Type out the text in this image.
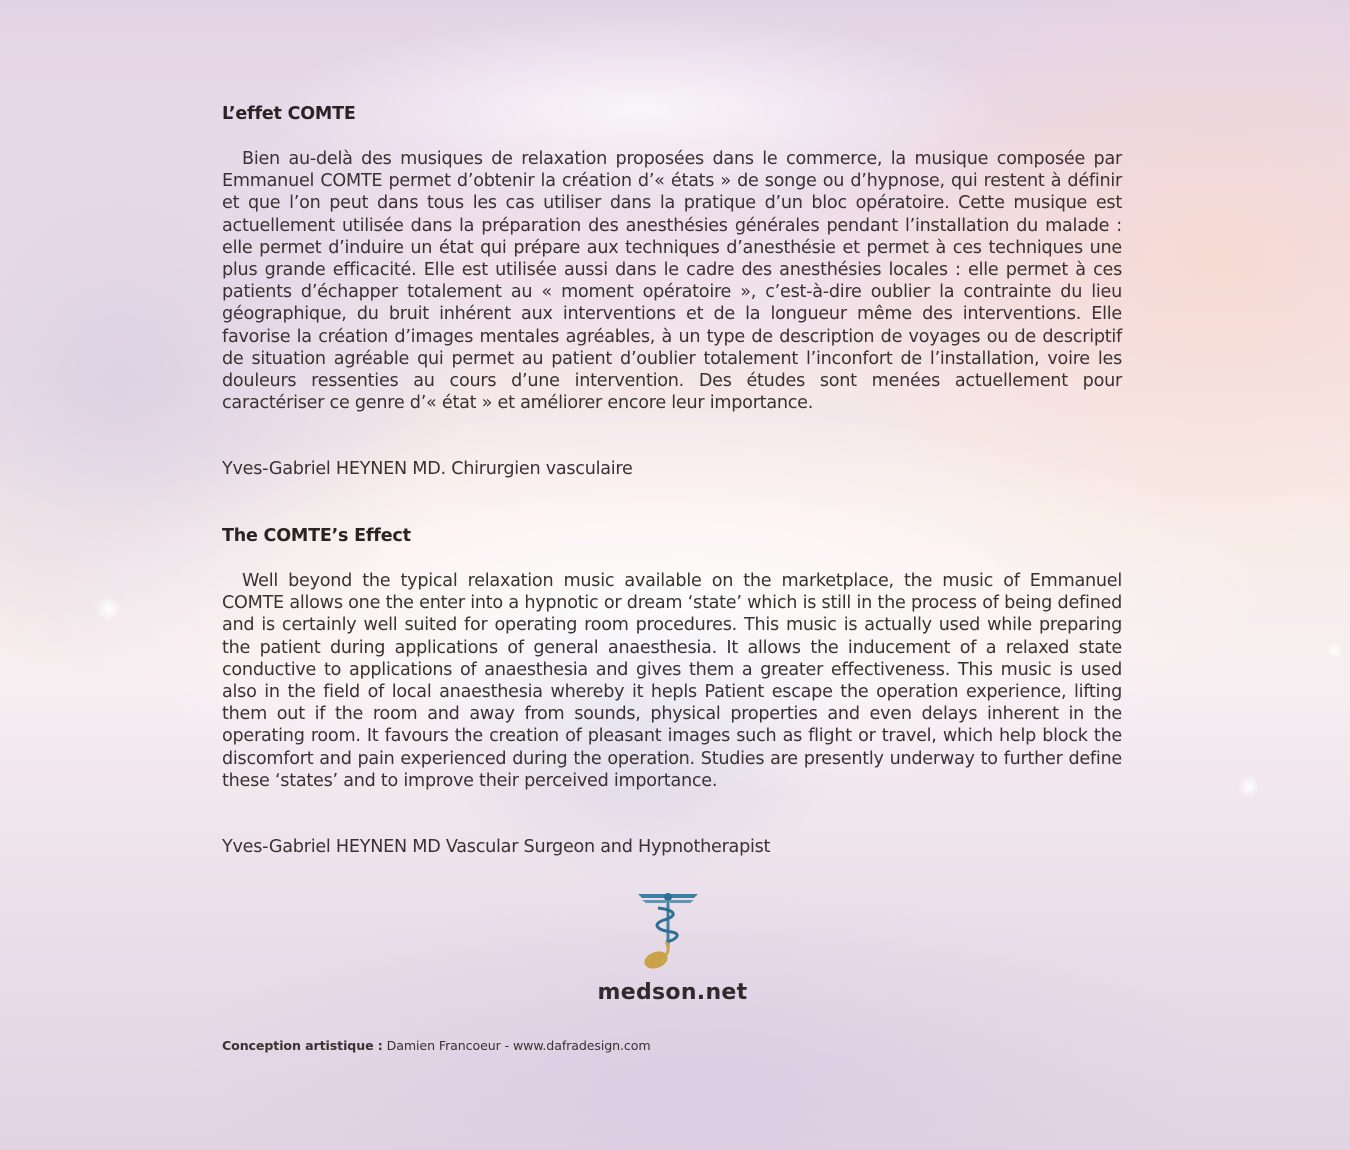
L’effet COMTE

Bien au-delà des musiques de relaxation proposées dans le commerce, la musique composée par Emmanuel COMTE permet d’obtenir la création d’« états » de songe ou d’hypnose, qui restent à définir et que l’on peut dans tous les cas utiliser dans la pratique d’un bloc opératoire. Cette musique est actuellement utilisée dans la préparation des anesthésies générales pendant l’installation du malade : elle permet d’induire un état qui prépare aux techniques d’anesthésie et permet à ces techniques une plus grande efficacité. Elle est utilisée aussi dans le cadre des anesthésies locales : elle permet à ces patients d’échapper totalement au « moment opératoire », c’est-à-dire oublier la contrainte du lieu géographique, du bruit inhérent aux interventions et de la longueur même des interventions. Elle favorise la création d’images mentales agréables, à un type de description de voyages ou de descriptif de situation agréable qui permet au patient d’oublier totalement l’inconfort de l’installation, voire les douleurs ressenties au cours d’une intervention. Des études sont menées actuellement pour caractériser ce genre d’« état » et améliorer encore leur importance.

Yves-Gabriel HEYNEN MD. Chirurgien vasculaire
The COMTE’s Effect

Well beyond the typical relaxation music available on the marketplace, the music of Emmanuel COMTE allows one the enter into a hypnotic or dream ‘state’ which is still in the process of being defined and is certainly well suited for operating room procedures. This music is actually used while preparing the patient during applications of general anaesthesia. It allows the inducement of a relaxed state conductive to applications of anaesthesia and gives them a greater effectiveness. This music is used also in the field of local anaesthesia whereby it hepls Patient escape the operation experience, lifting them out if the room and away from sounds, physical properties and even delays inherent in the operating room. It favours the creation of pleasant images such as flight or travel, which help block the discomfort and pain experienced during the operation. Studies are presently underway to further define these ‘states’ and to improve their perceived importance.

Yves-Gabriel HEYNEN MD Vascular Surgeon and Hypnotherapist
medson.net
Conception artistique : Damien Francoeur - www.dafradesign.com
